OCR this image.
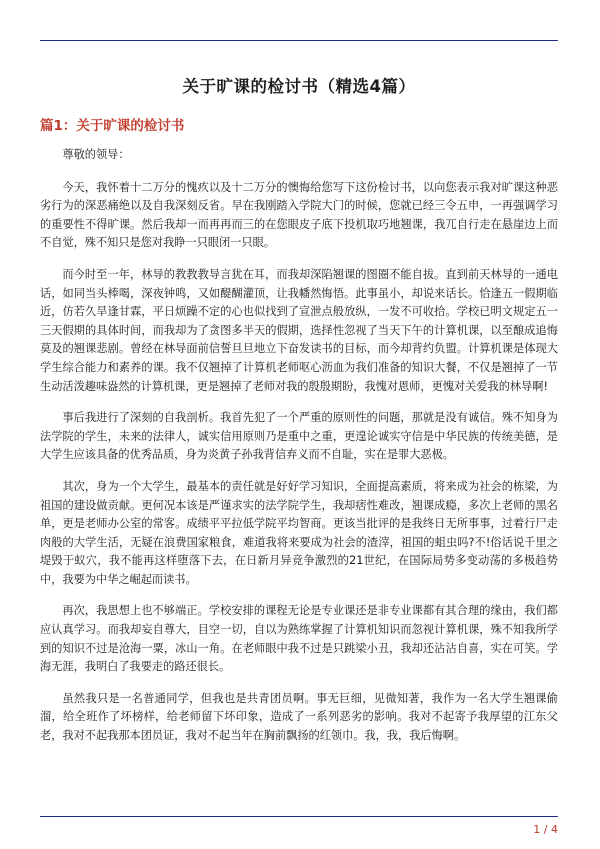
关于旷课的检讨书（精选4篇）
篇1：关于旷课的检讨书

尊敬的领导：

今天，我怀着十二万分的愧疚以及十二万分的懊悔给您写下这份检讨书，以向您表示我对旷课这种恶劣行为的深恶痛绝以及自我深刻反省。早在我刚踏入学院大门的时候，您就已经三令五申，一再强调学习的重要性不得旷课。然后我却一而再再而三的在您眼皮子底下投机取巧地翘课，我兀自行走在悬崖边上而不自觉，殊不知只是您对我睁一只眼闭一只眼。

而今时至一年，林导的教教教导言犹在耳，而我却深陷翘课的图圈不能自拔。直到前天林导的一通电话，如同当头棒喝，深夜钟鸣，又如醍醐灌顶，让我幡然悔悟。此事虽小，却说来话长。恰逢五一假期临近，仿若久旱逢甘霖，平日烦躁不定的心也似找到了宣泄点般放纵，一发不可收拾。学校已明文规定五一三天假期的具体时间，而我却为了贪图多半天的假期，选择性忽视了当天下午的计算机课，以至酿成追悔莫及的翘课悲剧。曾经在林导面前信誓旦旦地立下奋发读书的目标，而今却背约负盟。计算机课是体现大学生综合能力和素养的课。我不仅翘掉了计算机老师呕心沥血为我们准备的知识大餐，不仅是翘掉了一节生动活泼趣味盎然的计算机课，更是翘掉了老师对我的殷殷期盼，我愧对恩师，更愧对关爱我的林导啊!

事后我进行了深刻的自我剖析。我首先犯了一个严重的原则性的问题，那就是没有诚信。殊不知身为法学院的学生，未来的法律人，诚实信用原则乃是重中之重，更遑论诚实守信是中华民族的传统美德，是大学生应该具备的优秀品质，身为炎黄子孙我背信弃义而不自耻，实在是罪大恶极。

其次，身为一个大学生，最基本的责任就是好好学习知识，全面提高素质，将来成为社会的栋梁，为祖国的建设做贡献。更何况本该是严谨求实的法学院学生，我却痞性难改，翘课成瘾，多次上老师的黑名单，更是老师办公室的常客。成绩平平拉低学院平均智商。更该当批评的是我终日无所事事，过着行尸走肉般的大学生活，无疑在浪费国家粮食，难道我将来要成为社会的渣滓，祖国的蛆虫吗?不!俗话说千里之堤毁于蚁穴，我不能再这样堕落下去，在日新月异竞争激烈的21世纪，在国际局势多变动荡的多极趋势中，我要为中华之崛起而读书。

再次，我思想上也不够端正。学校安排的课程无论是专业课还是非专业课都有其合理的缘由，我们都应认真学习。而我却妄自尊大，目空一切，自以为熟练掌握了计算机知识而忽视计算机课，殊不知我所学到的知识不过是沧海一粟，冰山一角。在老师眼中我不过是只跳梁小丑，我却还沾沾自喜，实在可笑。学海无涯，我明白了我要走的路还很长。

虽然我只是一名普通同学，但我也是共青团员啊。事无巨细，见微知著，我作为一名大学生翘课偷溜，给全班作了坏榜样，给老师留下坏印象，造成了一系列恶劣的影响。我对不起寄予我厚望的江东父老，我对不起我那本团员证，我对不起当年在胸前飘扬的红领巾。我，我，我后悔啊。

1 / 4
